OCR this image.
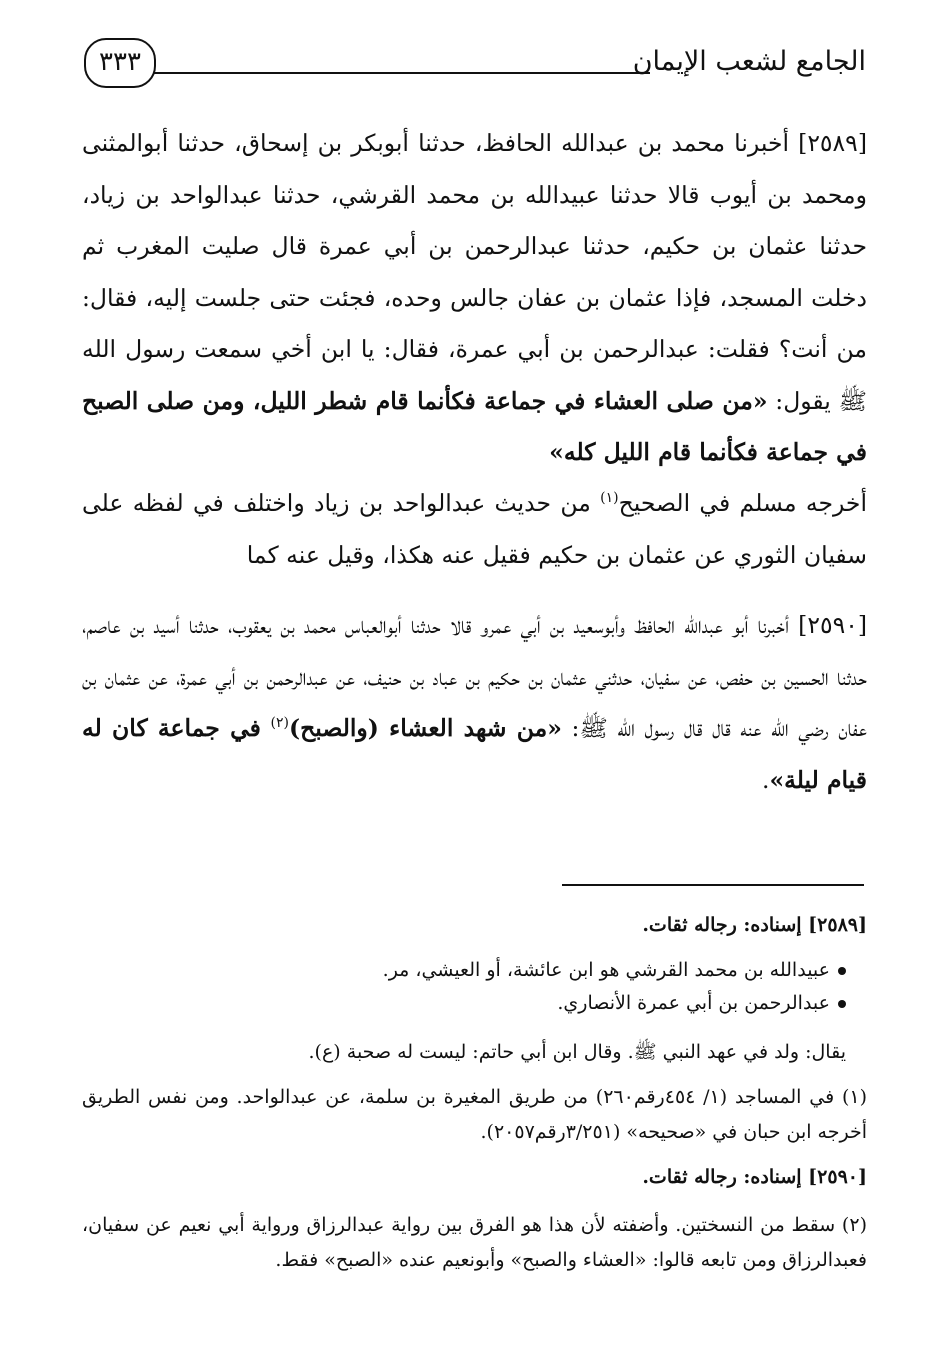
الجامع لشعب الإيمان
٣٣٣

[٢٥٨٩] أخبرنا محمد بن عبدالله الحافظ، حدثنا أبوبكر بن إسحاق، حدثنا أبوالمثنى ومحمد بن أيوب قالا حدثنا عبيدالله بن محمد القرشي، حدثنا عبدالواحد بن زياد، حدثنا عثمان بن حكيم، حدثنا عبدالرحمن بن أبي عمرة قال صليت المغرب ثم دخلت المسجد، فإذا عثمان بن عفان جالس وحده، فجئت حتى جلست إليه، فقال: من أنت؟ فقلت: عبدالرحمن بن أبي عمرة، فقال: يا ابن أخي سمعت رسول الله ﷺ يقول: «من صلى العشاء في جماعة فكأنما قام شطر الليل، ومن صلى الصبح في جماعة فكأنما قام الليل كله»

أخرجه مسلم في الصحيح$^{(١)}$ من حديث عبدالواحد بن زياد واختلف في لفظه على سفيان الثوري عن عثمان بن حكيم فقيل عنه هكذا، وقيل عنه كما

[٢٥٩٠] أخبرنا أبو عبدالله الحافظ وأبوسعيد بن أبي عمرو قالا حدثنا أبوالعباس محمد بن يعقوب، حدثنا أسيد بن عاصم، حدثنا الحسين بن حفص، عن سفيان، حدثني عثمان بن حكيم بن عباد بن حنيف، عن عبدالرحمن بن أبي عمرة، عن عثمان بن عفان رضي الله عنه قال قال رسول الله ﷺ: «من شهد العشاء (والصبح)$^{(٢)}$ في جماعة كان له قيام ليلة».

[٢٥٨٩] إسناده: رجاله ثقات.

عبيدالله بن محمد القرشي هو ابن عائشة، أو العيشي، مر.

عبدالرحمن بن أبي عمرة الأنصاري.

يقال: ولد في عهد النبي ﷺ. وقال ابن أبي حاتم: ليست له صحبة (ع).

(١) في المساجد (١/ ٤٥٤رقم٢٦٠) من طريق المغيرة بن سلمة، عن عبدالواحد. ومن نفس الطريق أخرجه ابن حبان في «صحيحه» (٣/٢٥١رقم٢٠٥٧).

[٢٥٩٠] إسناده: رجاله ثقات.

(٢) سقط من النسختين. وأضفته لأن هذا هو الفرق بين رواية عبدالرزاق ورواية أبي نعيم عن سفيان، فعبدالرزاق ومن تابعه قالوا: «العشاء والصبح» وأبونعيم عنده «الصبح» فقط.
